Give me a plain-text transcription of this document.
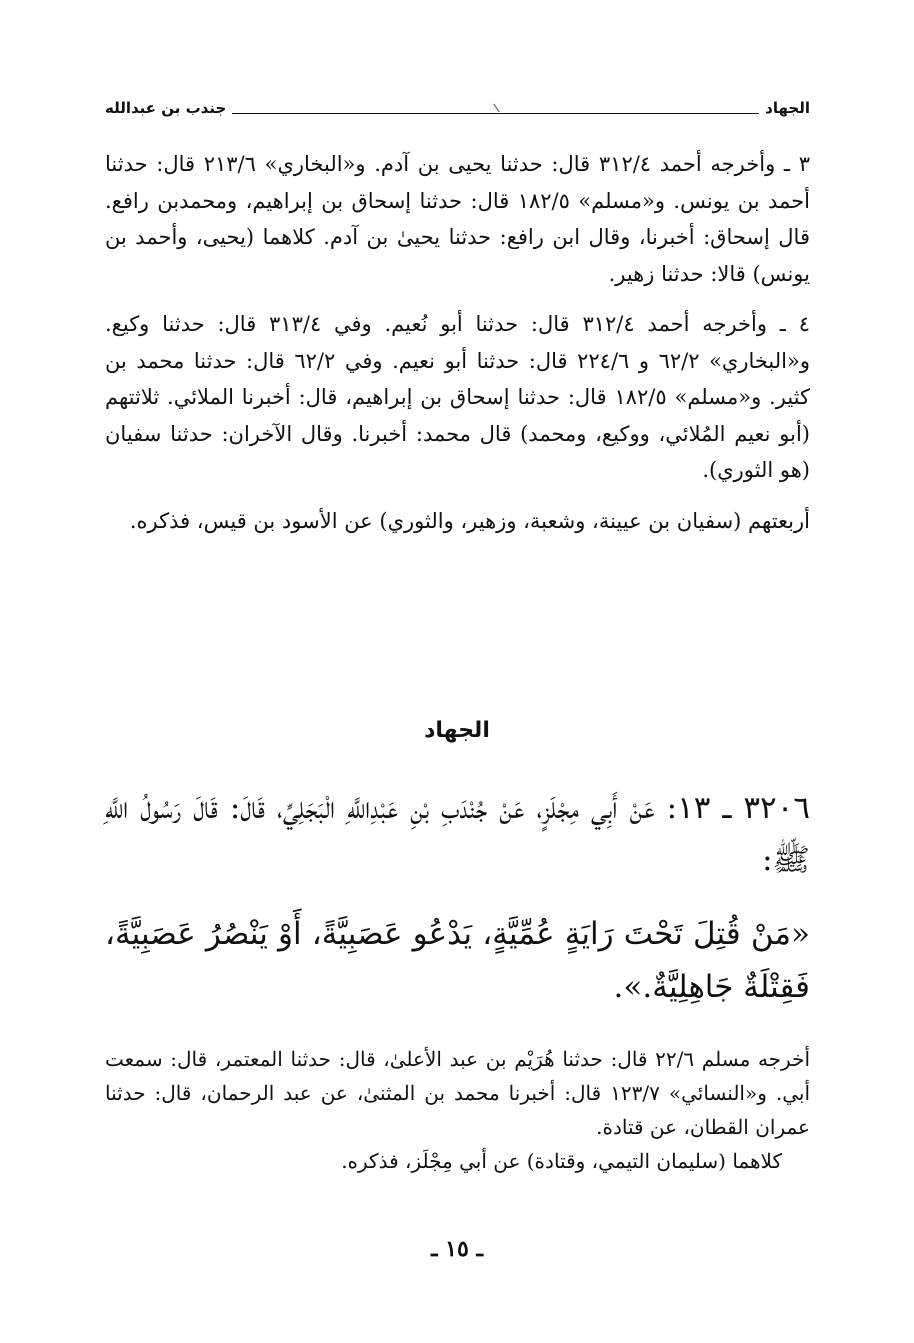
الجهاد
جندب بن عبدالله

٣ ـ وأخرجه أحمد ٣١٢/٤ قال: حدثنا يحيى بن آدم. و«البخاري» ٢١٣/٦ قال: حدثنا أحمد بن يونس. و«مسلم» ١٨٢/٥ قال: حدثنا إسحاق بن إبراهيم، ومحمدبن رافع. قال إسحاق: أخبرنا، وقال ابن رافع: حدثنا يحيىٰ بن آدم. كلاهما (يحيى، وأحمد بن يونس) قالا: حدثنا زهير.

٤ ـ وأخرجه أحمد ٣١٢/٤ قال: حدثنا أبو نُعيم. وفي ٣١٣/٤ قال: حدثنا وكيع. و«البخاري» ٦٢/٢ و ٢٢٤/٦ قال: حدثنا أبو نعيم. وفي ٦٢/٢ قال: حدثنا محمد بن كثير. و«مسلم» ١٨٢/٥ قال: حدثنا إسحاق بن إبراهيم، قال: أخبرنا الملائي. ثلاثتهم (أبو نعيم المُلائي، ووكيع، ومحمد) قال محمد: أخبرنا. وقال الآخران: حدثنا سفيان (هو الثوري).

أربعتهم (سفيان بن عيينة، وشعبة، وزهير، والثوري) عن الأسود بن قيس، فذكره.

الجهاد
٣٢٠٦ ـ ١٣: عَنْ أَبِي مِجْلَزٍ، عَنْ جُنْدَبِ بْنِ عَبْدِاللَّهِ الْبَجَلِيِّ، قَالَ: قَالَ رَسُولُ اللَّهِ ﷺ:
«مَنْ قُتِلَ تَحْتَ رَايَةٍ عُمِّيَّةٍ، يَدْعُو عَصَبِيَّةً، أَوْ يَنْصُرُ عَصَبِيَّةً، فَقِتْلَةٌ جَاهِلِيَّةٌ.».

أخرجه مسلم ٢٢/٦ قال: حدثنا هُرَيْم بن عبد الأعلىٰ، قال: حدثنا المعتمر، قال: سمعت أبي. و«النسائي» ١٢٣/٧ قال: أخبرنا محمد بن المثنىٰ، عن عبد الرحمان، قال: حدثنا عمران القطان، عن قتادة.

كلاهما (سليمان التيمي، وقتادة) عن أبي مِجْلَز، فذكره.

ـ ١٥ ـ
